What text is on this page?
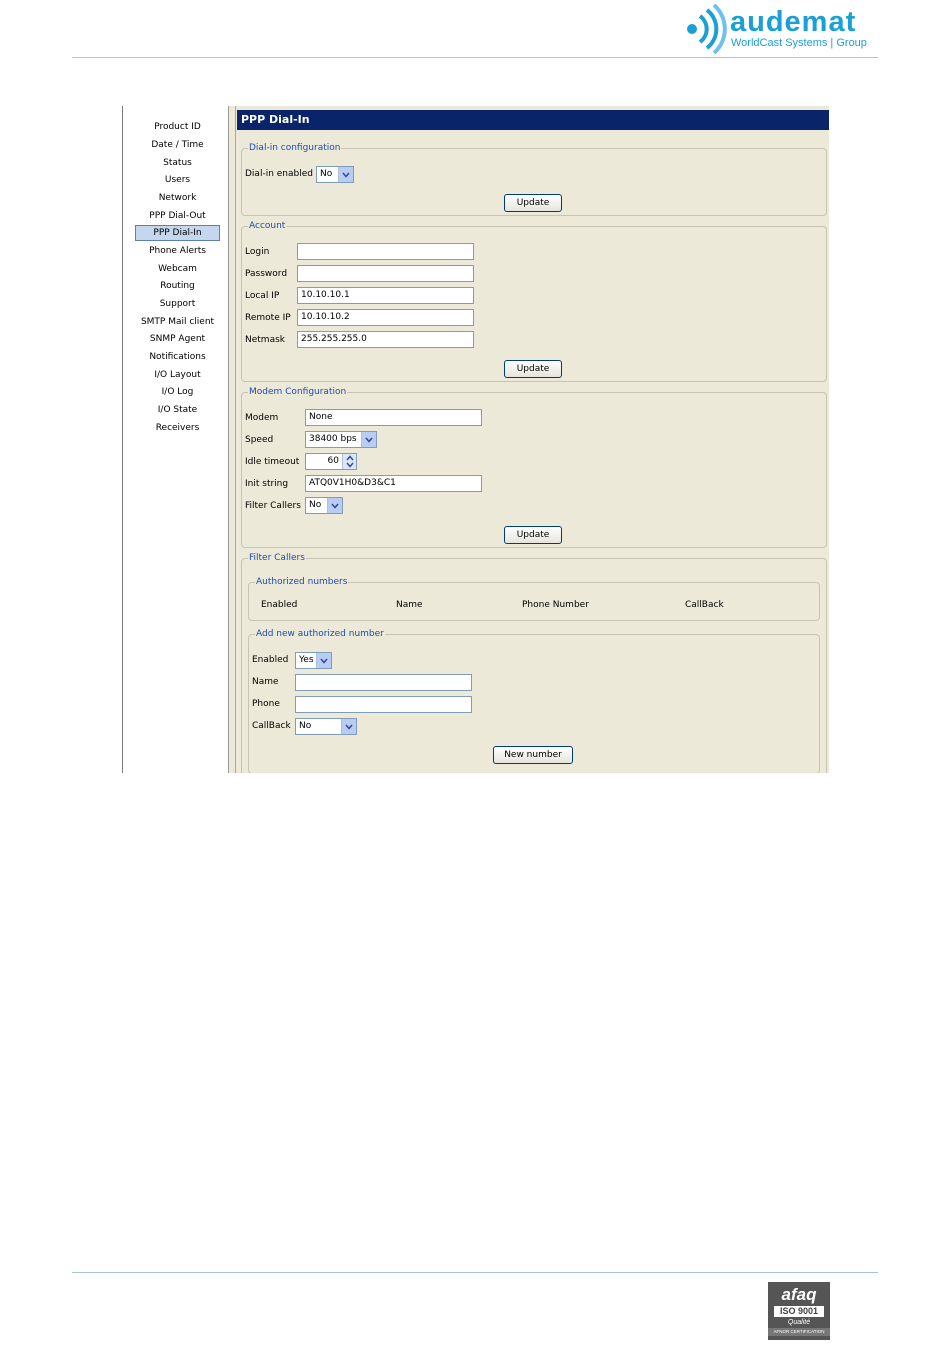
audemat
WorldCast Systems | Group
Product ID
Date / Time
Status
Users
Network
PPP Dial-Out
PPP Dial-In
Phone Alerts
Webcam
Routing
Support
SMTP Mail client
SNMP Agent
Notifications
I/O Layout
I/O Log
I/O State
Receivers
PPP Dial-In
Dial-in configuration
Dial-in enabled No
Update
Account
Login
Password
Local IP	10.10.10.1
Remote IP	10.10.10.2
Netmask	255.255.255.0
Update
Modem Configuration
Modem	None
Speed	38400 bps
Idle timeout	60
Init string	ATQ0V1H0&D3&C1
Filter Callers No
Update
Filter Callers
Authorized numbers
Enabled	Name	Phone Number	CallBack
Add new authorized number
Enabled	Yes
Name
Phone
CallBack No
New number
afaq
ISO 9001
Qualité
AFNOR CERTIFICATION
